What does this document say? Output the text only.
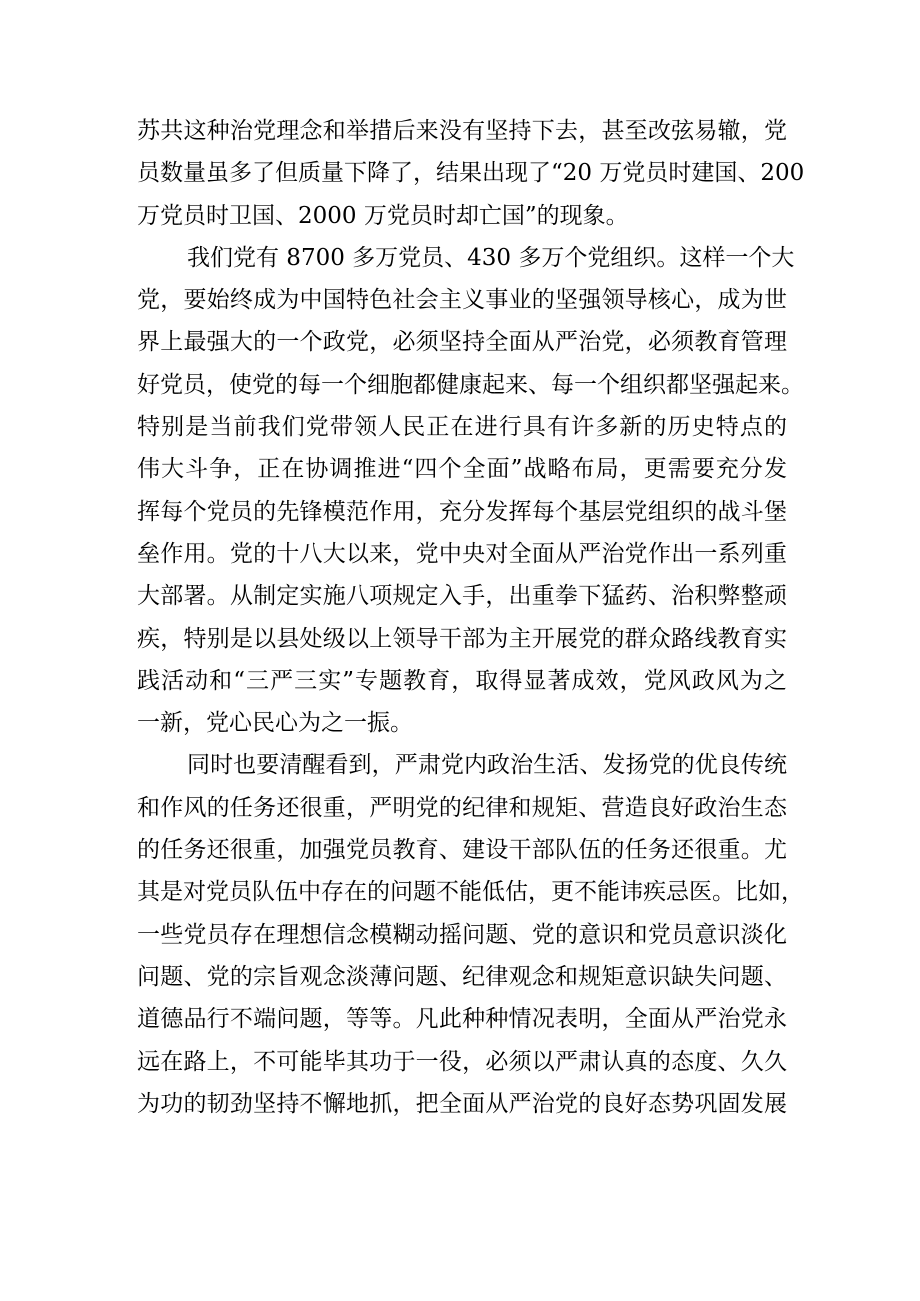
苏共这种治党理念和举措后来没有坚持下去，甚至改弦易辙，党
员数量虽多了但质量下降了，结果出现了“20 万党员时建国、200
万党员时卫国、2000 万党员时却亡国”的现象。
我们党有 8700 多万党员、430 多万个党组织。这样一个大
党，要始终成为中国特色社会主义事业的坚强领导核心，成为世
界上最强大的一个政党，必须坚持全面从严治党，必须教育管理
好党员，使党的每一个细胞都健康起来、每一个组织都坚强起来。
特别是当前我们党带领人民正在进行具有许多新的历史特点的
伟大斗争，正在协调推进“四个全面”战略布局，更需要充分发
挥每个党员的先锋模范作用，充分发挥每个基层党组织的战斗堡
垒作用。党的十八大以来，党中央对全面从严治党作出一系列重
大部署。从制定实施八项规定入手，出重拳下猛药、治积弊整顽
疾，特别是以县处级以上领导干部为主开展党的群众路线教育实
践活动和“三严三实”专题教育，取得显著成效，党风政风为之
一新，党心民心为之一振。
同时也要清醒看到，严肃党内政治生活、发扬党的优良传统
和作风的任务还很重，严明党的纪律和规矩、营造良好政治生态
的任务还很重，加强党员教育、建设干部队伍的任务还很重。尤
其是对党员队伍中存在的问题不能低估，更不能讳疾忌医。比如，
一些党员存在理想信念模糊动摇问题、党的意识和党员意识淡化
问题、党的宗旨观念淡薄问题、纪律观念和规矩意识缺失问题、
道德品行不端问题，等等。凡此种种情况表明，全面从严治党永
远在路上，不可能毕其功于一役，必须以严肃认真的态度、久久
为功的韧劲坚持不懈地抓，把全面从严治党的良好态势巩固发展
